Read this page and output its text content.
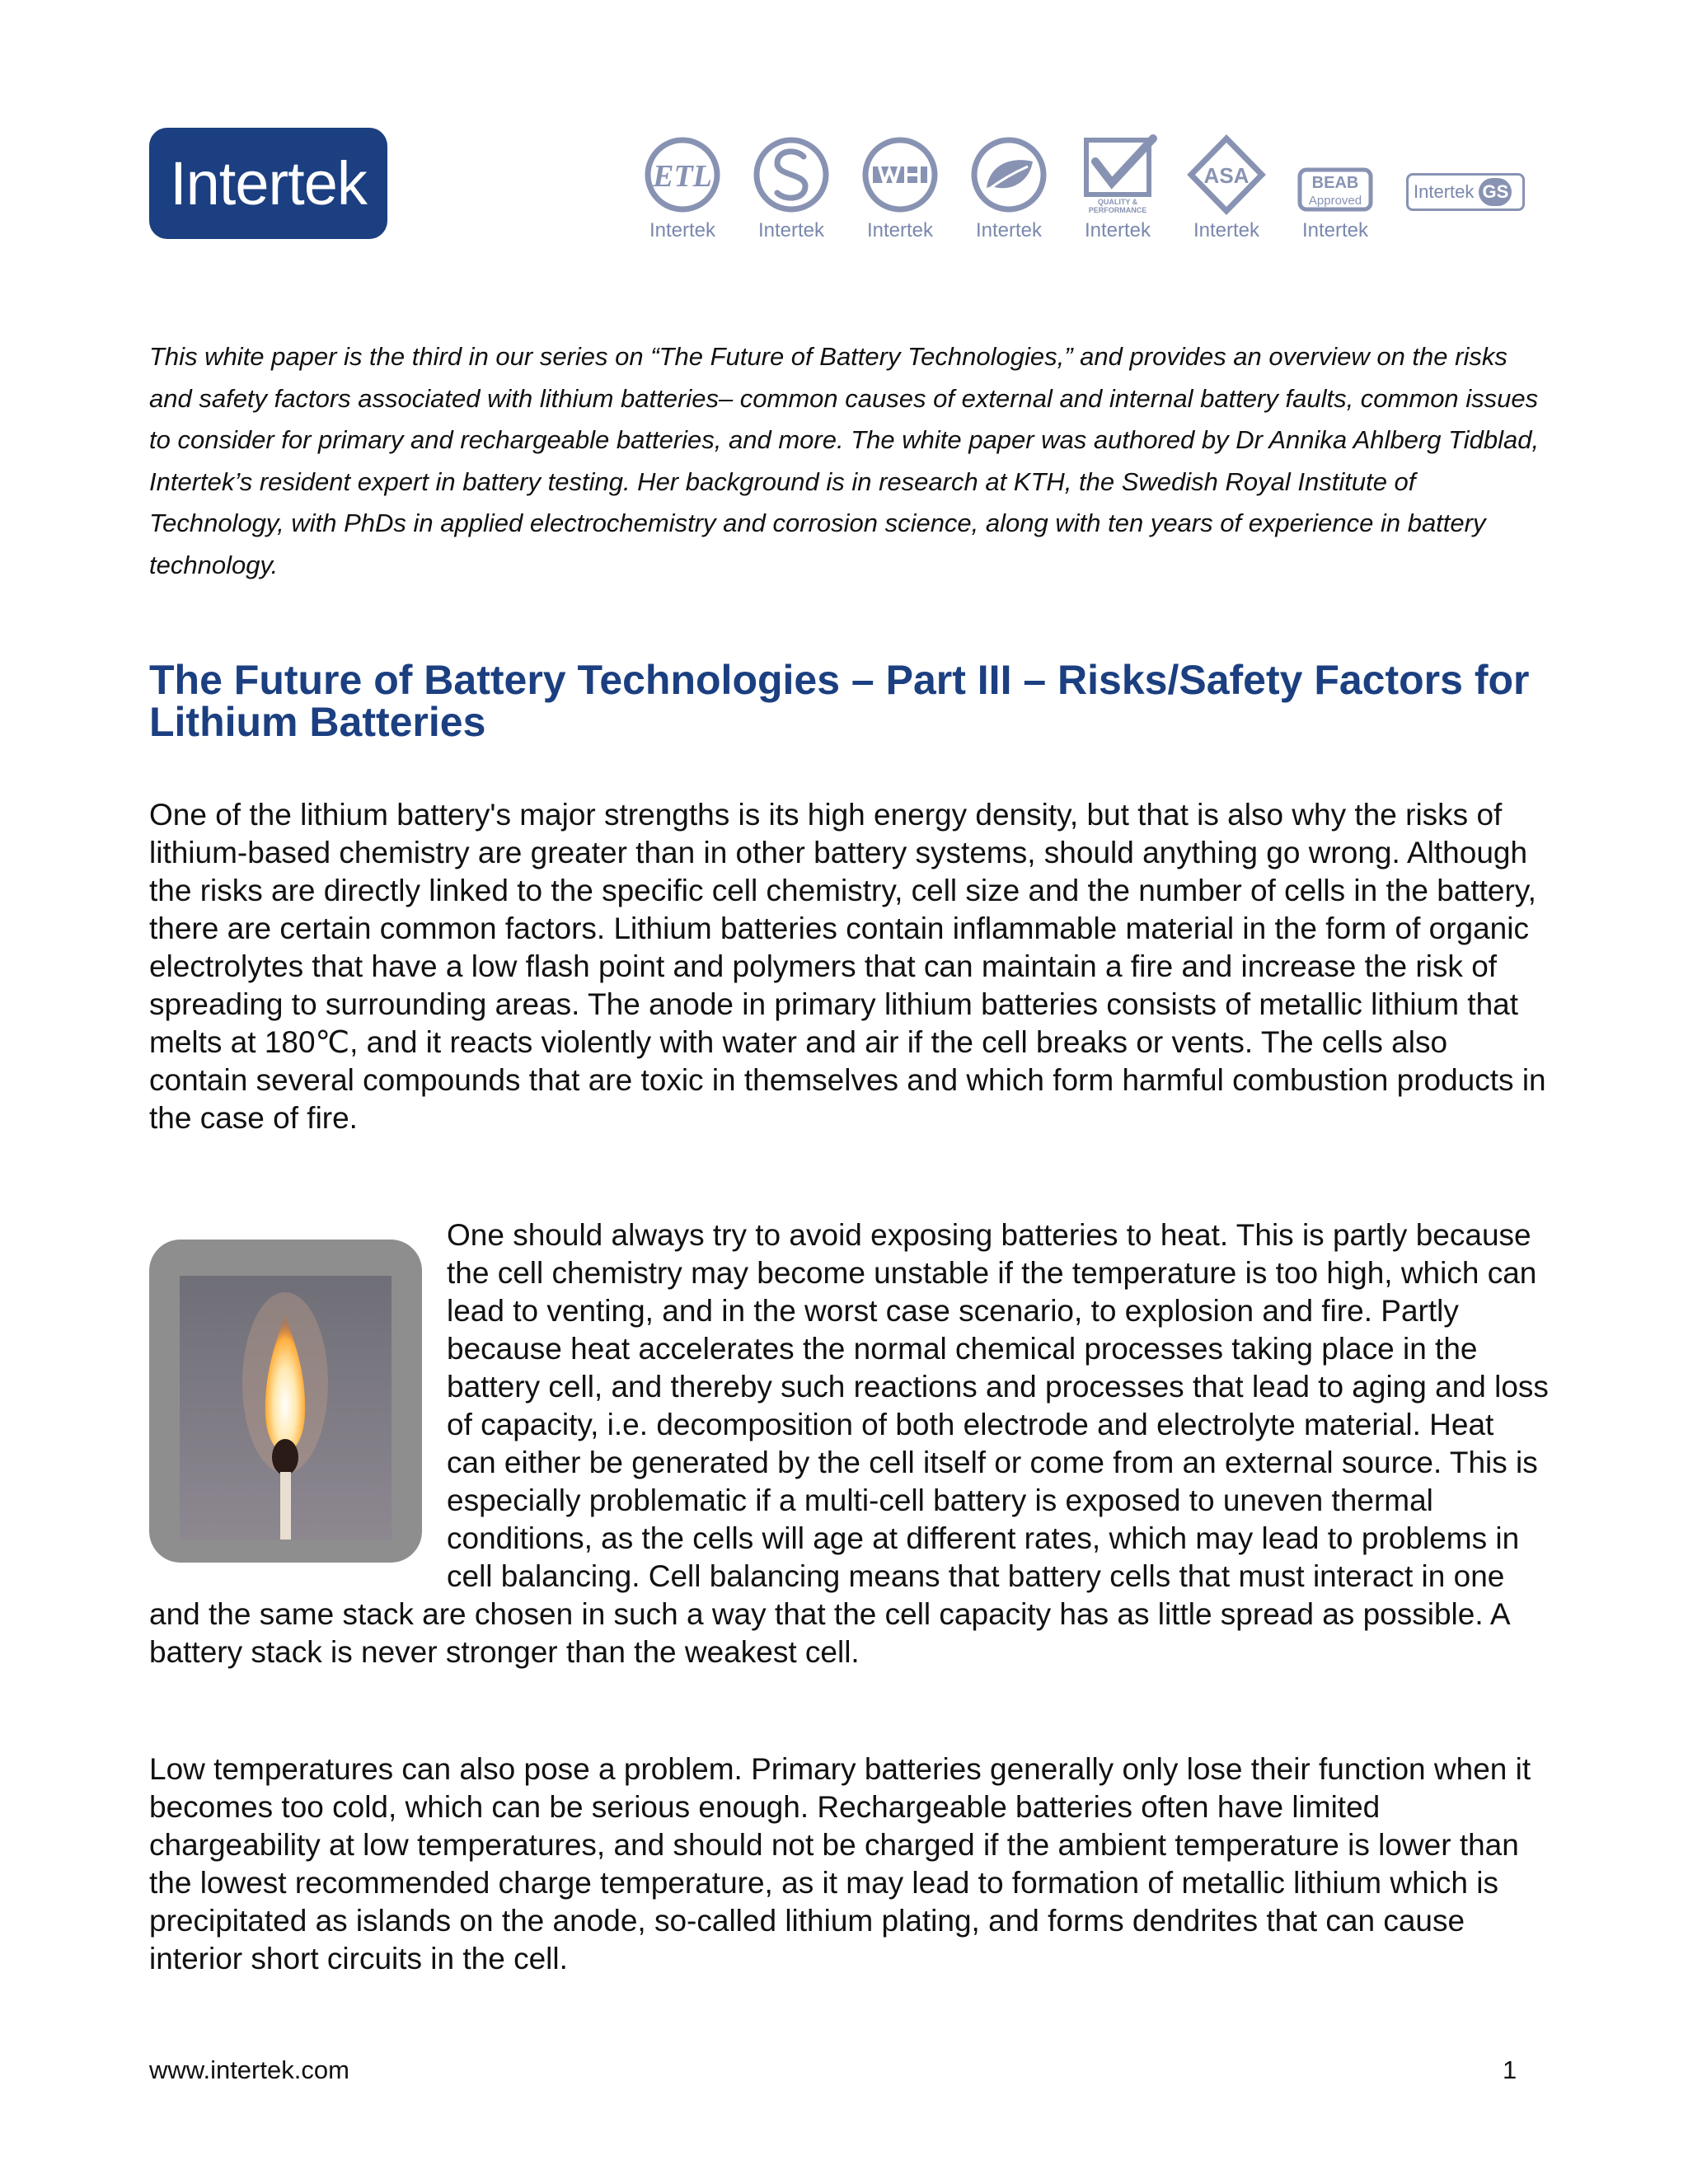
Intertek	ETL
Intertek	Intertek	Intertek	Intertek
QUALITY &
PERFORMANCE
Intertek
ASA
Intertek
BEAB
Approved
Intertek
Intertek GS

This white paper is the third in our series on “The Future of Battery Technologies,” and provides an overview on the risks and safety factors associated with lithium batteries– common causes of external and internal battery faults, common issues to consider for primary and rechargeable batteries, and more. The white paper was authored by Dr Annika Ahlberg Tidblad, Intertek’s resident expert in battery testing. Her background is in research at KTH, the Swedish Royal Institute of Technology, with PhDs in applied electrochemistry and corrosion science, along with ten years of experience in battery technology.

The Future of Battery Technologies – Part III – Risks/Safety Factors for Lithium Batteries

One of the lithium battery's major strengths is its high energy density, but that is also why the risks of lithium-based chemistry are greater than in other battery systems, should anything go wrong. Although the risks are directly linked to the specific cell chemistry, cell size and the number of cells in the battery, there are certain common factors. Lithium batteries contain inflammable material in the form of organic electrolytes that have a low flash point and polymers that can maintain a fire and increase the risk of spreading to surrounding areas. The anode in primary lithium batteries consists of metallic lithium that melts at 180℃, and it reacts violently with water and air if the cell breaks or vents. The cells also contain several compounds that are toxic in themselves and which form harmful combustion products in the case of fire.

One should always try to avoid exposing batteries to heat. This is partly because the cell chemistry may become unstable if the temperature is too high, which can lead to venting, and in the worst case scenario, to explosion and fire. Partly because heat accelerates the normal chemical processes taking place in the battery cell, and thereby such reactions and processes that lead to aging and loss of capacity, i.e. decomposition of both electrode and electrolyte material. Heat can either be generated by the cell itself or come from an external source. This is especially problematic if a multi-cell battery is exposed to uneven thermal conditions, as the cells will age at different rates, which may lead to problems in cell balancing. Cell balancing means that battery cells that must interact in one and the same stack are chosen in such a way that the cell capacity has as little spread as possible. A battery stack is never stronger than the weakest cell.

Low temperatures can also pose a problem. Primary batteries generally only lose their function when it becomes too cold, which can be serious enough. Rechargeable batteries often have limited chargeability at low temperatures, and should not be charged if the ambient temperature is lower than the lowest recommended charge temperature, as it may lead to formation of metallic lithium which is precipitated as islands on the anode, so-called lithium plating, and forms dendrites that can cause interior short circuits in the cell.

www.intertek.com	1
